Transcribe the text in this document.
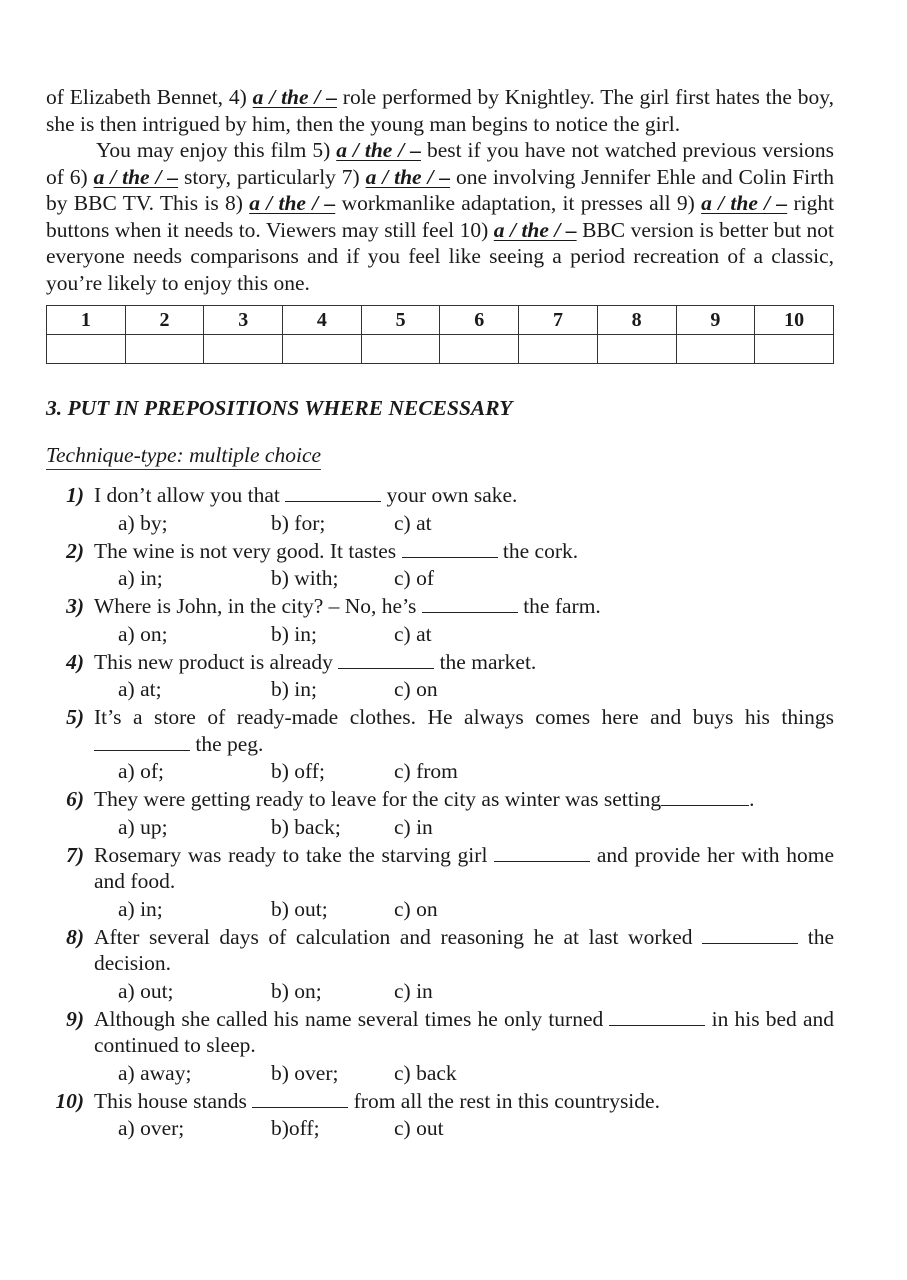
of Elizabeth Bennet, 4) a / the / – role performed by Knightley. The girl first hates the boy, she is then intrigued by him, then the young man begins to notice the girl.

You may enjoy this film 5) a / the / – best if you have not watched previous versions of 6) a / the / – story, particularly 7) a / the / – one involving Jennifer Ehle and Colin Firth by BBC TV. This is 8) a / the / – workmanlike adaptation, it presses all 9) a / the / – right buttons when it needs to. Viewers may still feel 10) a / the / – BBC version is better but not everyone needs comparisons and if you feel like seeing a period recreation of a classic, you’re likely to enjoy this one.

1	2	3	4	5	6	7	8	9	10

3. PUT IN PREPOSITIONS WHERE NECESSARY
Technique-type: multiple choice
1) I don’t allow you that	your own sake.
a) by;	b) for;	c) at
2) The wine is not very good. It tastes	the cork.
a) in;	b) with;	c) of
3) Where is John, in the city? – No, he’s	the farm.
a) on;	b) in;	c) at
4) This new product is already	the market.
a) at;	b) in;	c) on
5) It’s a store of ready-made clothes. He always comes here and buys his things  the peg.
a) of;	b) off;	c) from
6) They were getting ready to leave for the city as winter was setting	.
a) up;	b) back; c) in
7) Rosemary was ready to take the starving girl	and provide her with home and food.
a) in;	b) out;	c) on
8) After several days of calculation and reasoning he at last worked	the decision.
a) out;	b) on;	c) in
9) Although she called his name several times he only turned	in his bed and continued to sleep.
a) away;	b) over;	c) back
10) This house stands	from all the rest in this countryside.
a) over;	b)off;	c) out
